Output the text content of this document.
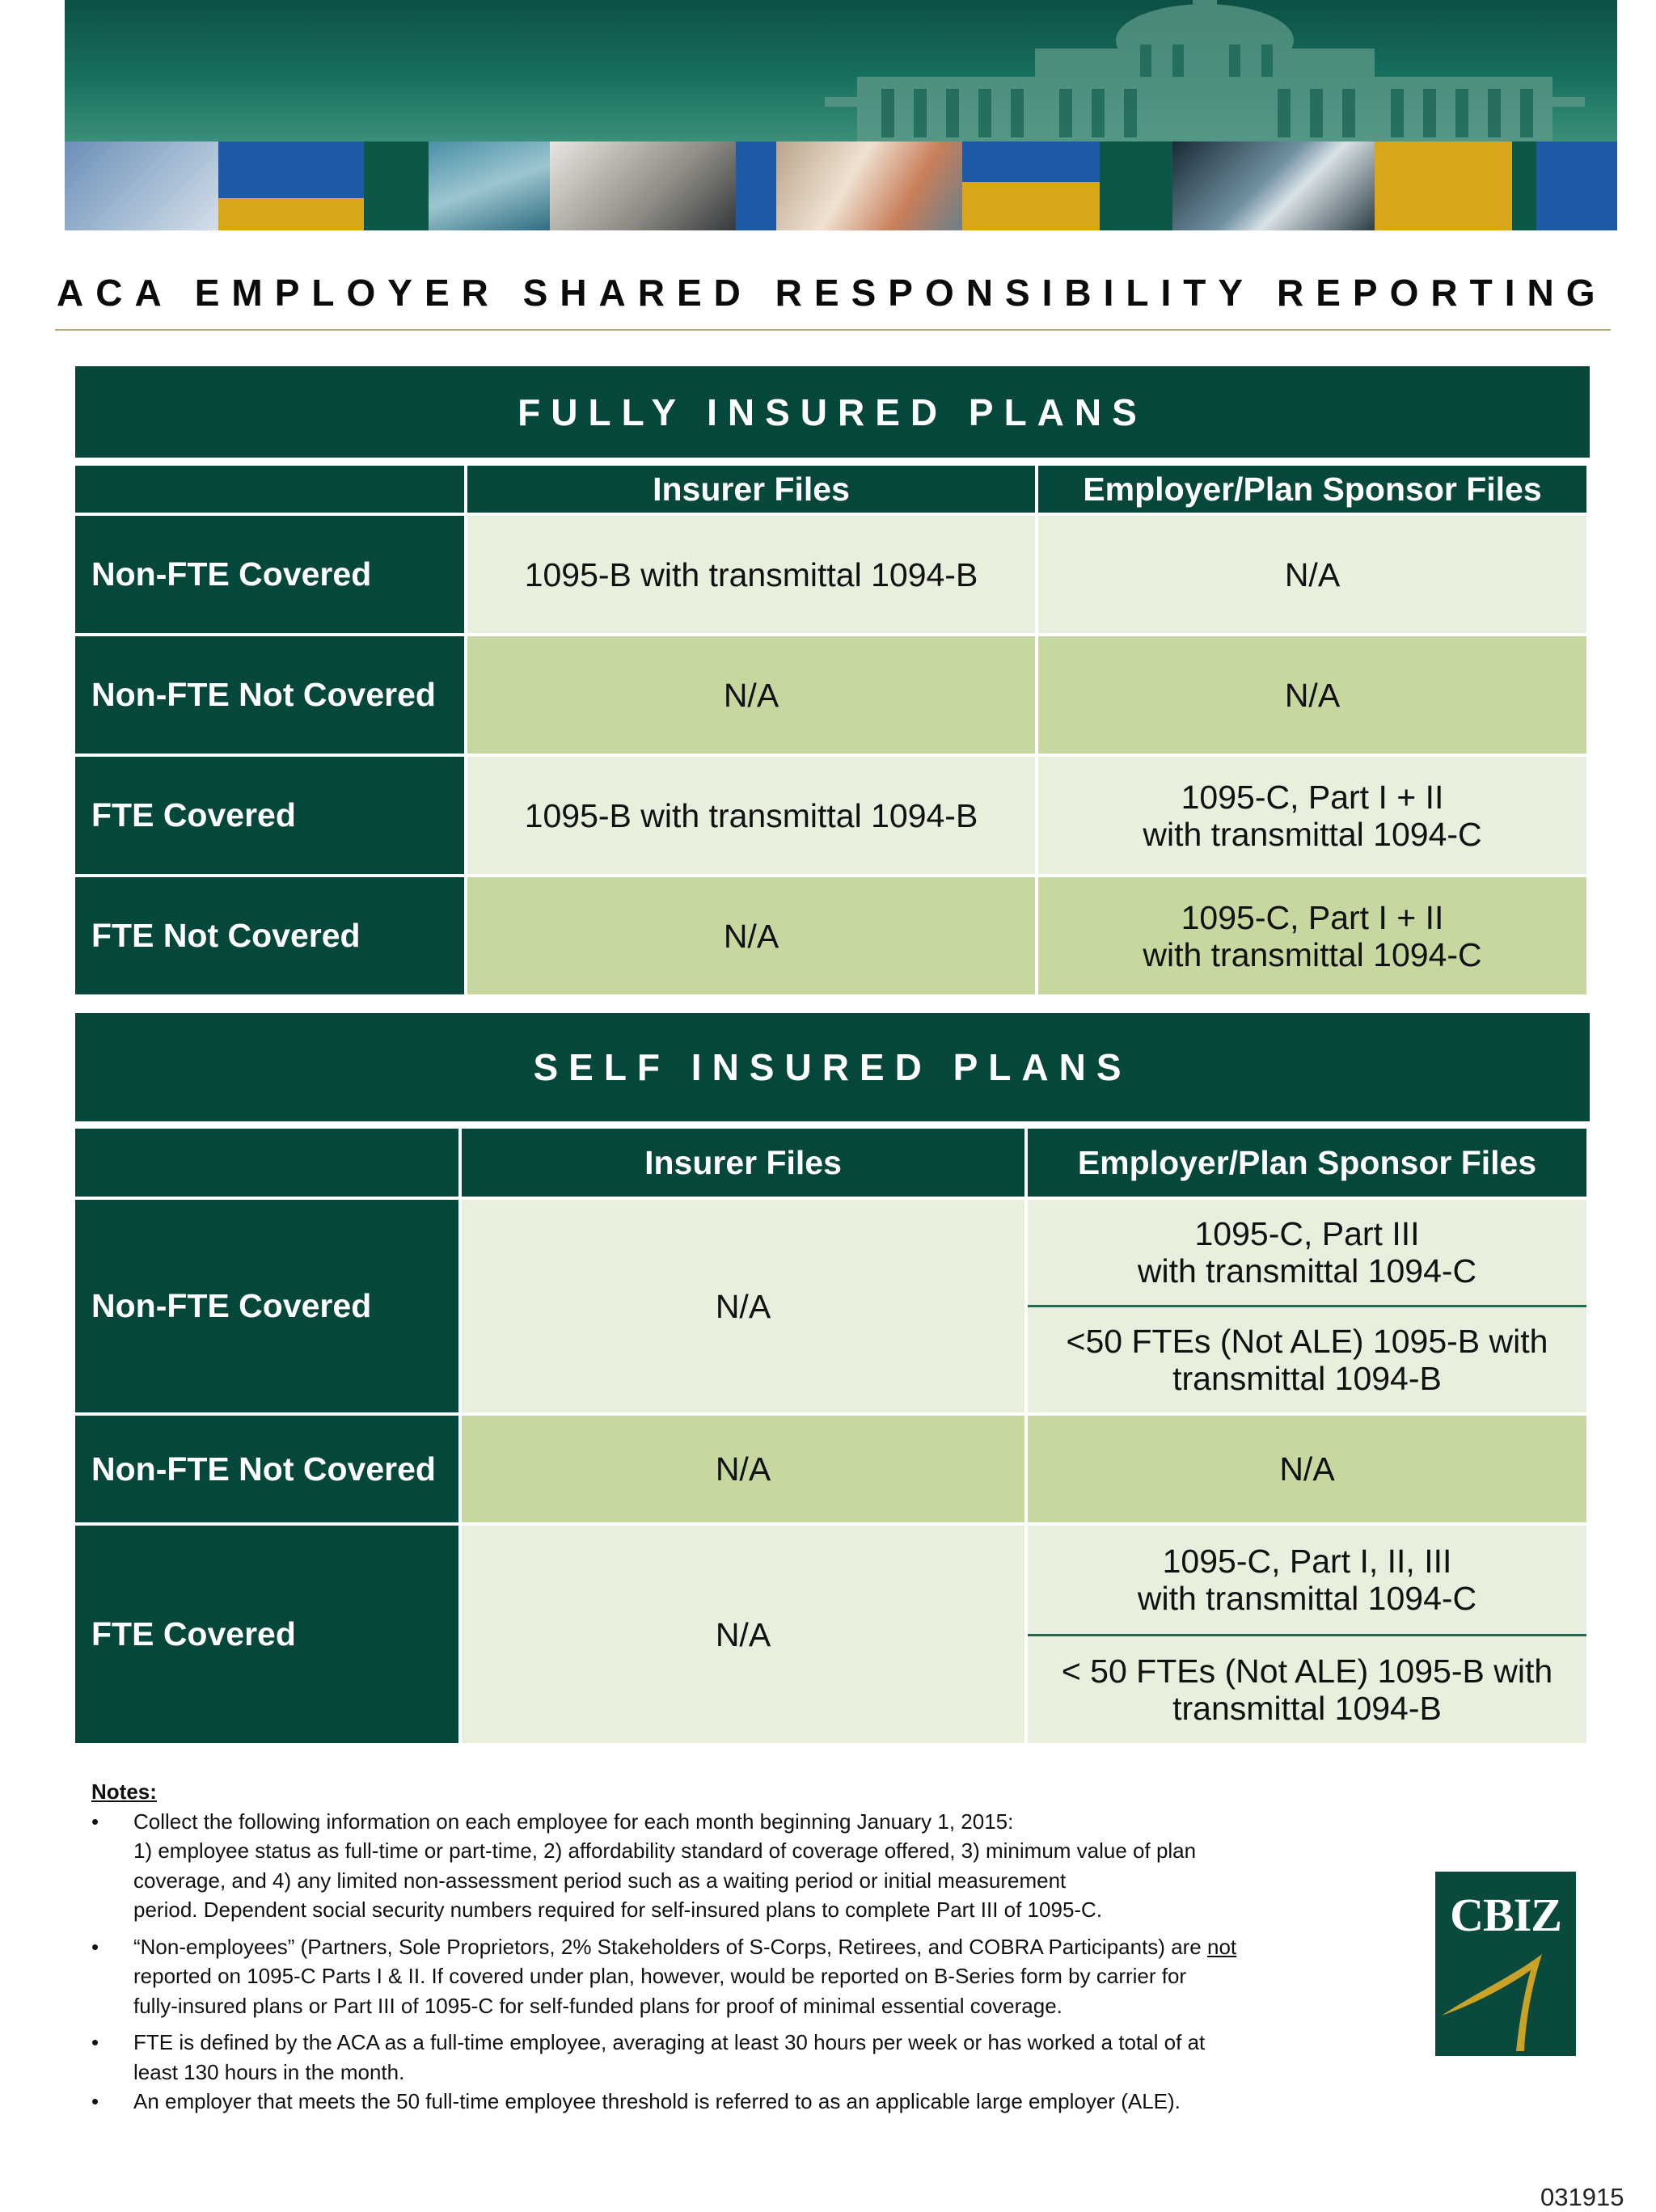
ACA EMPLOYER SHARED RESPONSIBILITY REPORTING
FULLY INSURED PLANS
	Insurer Files	Employer/Plan Sponsor Files
Non-FTE Covered	1095-B with transmittal 1094-B	N/A
Non-FTE Not Covered	N/A	N/A
FTE Covered	1095-B with transmittal 1094-B	1095-C, Part I + II
with transmittal 1094-C

FTE Not Covered	N/A	1095-C, Part I + II
with transmittal 1094-C
SELF INSURED PLANS
	Insurer Files	Employer/Plan Sponsor Files
Non-FTE Covered	N/A	1095-C, Part III
with transmittal 1094-C
<50 FTEs (Not ALE) 1095-B with
transmittal 1094-B

Non-FTE Not Covered	N/A	N/A
FTE Covered	N/A	1095-C, Part I, II, III
with transmittal 1094-C
< 50 FTEs (Not ALE) 1095-B with
transmittal 1094-B
Notes:
• Collect the following information on each employee for each month beginning January 1, 2015:
1) employee status as full-time or part-time, 2) affordability standard of coverage offered, 3) minimum value of plan
coverage, and 4) any limited non-assessment period such as a waiting period or initial measurement
period. Dependent social security numbers required for self-insured plans to complete Part III of 1095-C.
• “Non-employees” (Partners, Sole Proprietors, 2% Stakeholders of S-Corps, Retirees, and COBRA Participants) are not
reported on 1095-C Parts I & II. If covered under plan, however, would be reported on B-Series form by carrier for
fully-insured plans or Part III of 1095-C for self-funded plans for proof of minimal essential coverage.
• FTE is defined by the ACA as a full-time employee, averaging at least 30 hours per week or has worked a total of at
least 130 hours in the month.
• An employer that meets the 50 full-time employee threshold is referred to as an applicable large employer (ALE).
CBIZ
031915
